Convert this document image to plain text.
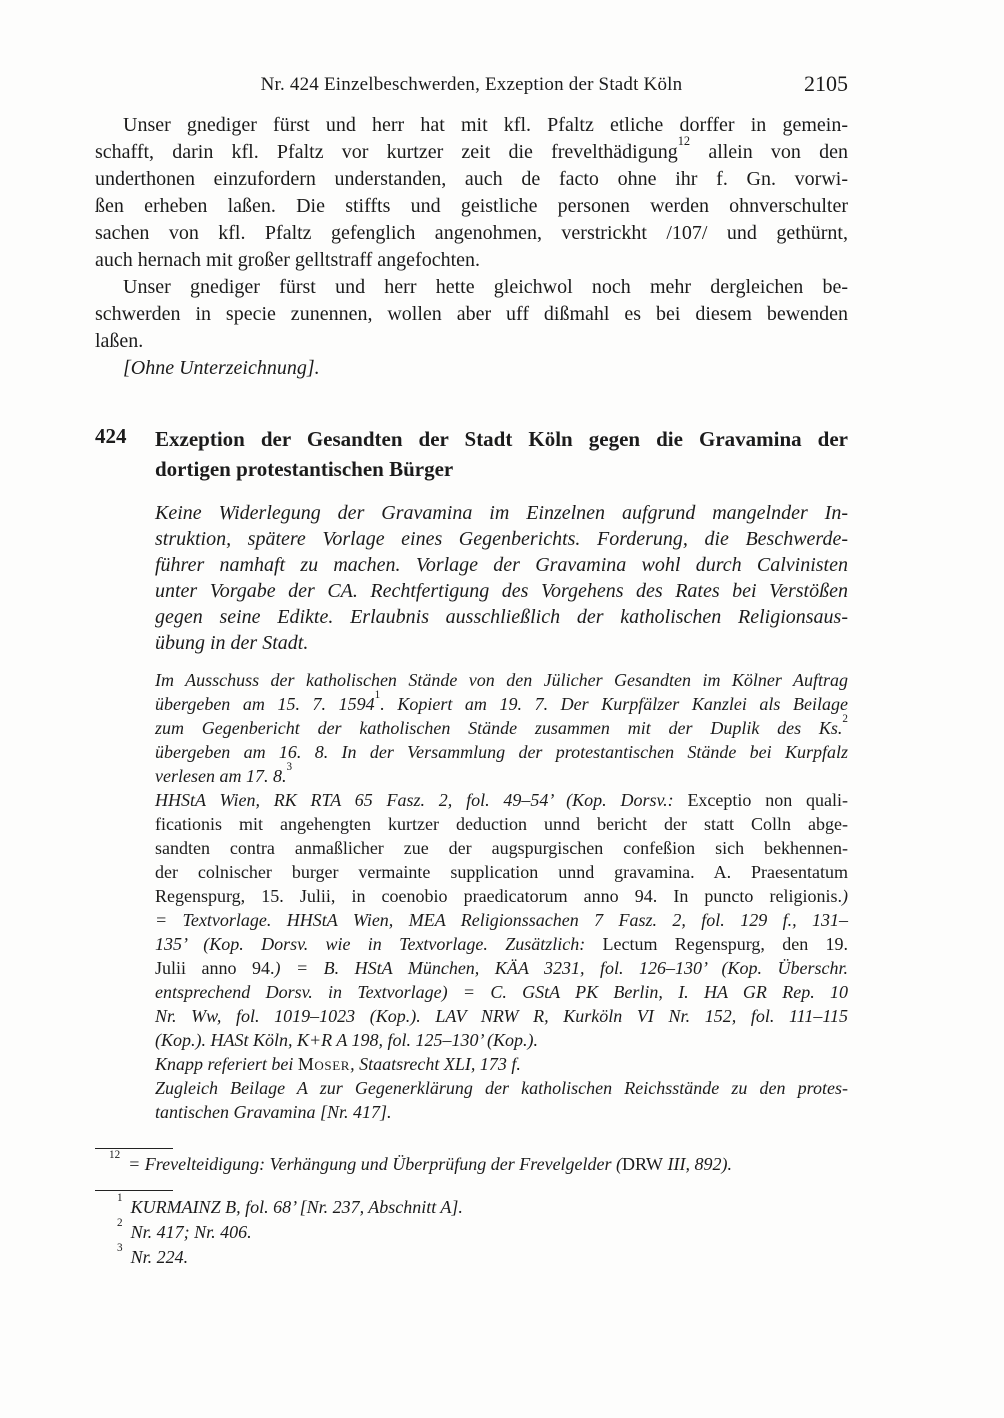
Nr. 424 Einzelbeschwerden, Exzeption der Stadt Köln	2105
Unser gnediger fürst und herr hat mit kfl. Pfaltz etliche dorffer in gemein-
schafft, darin kfl. Pfaltz vor kurtzer zeit die frevelthädigung$^{12}$ allein von den
underthonen einzufordern understanden, auch de facto ohne ihr f. Gn. vorwi-
ßen erheben laßen. Die stiffts und geistliche personen werden ohnverschulter
sachen von kfl. Pfaltz gefenglich angenohmen, verstrickht /107/ und gethürnt,
auch hernach mit großer gelltstraff angefochten.
Unser gnediger fürst und herr hette gleichwol noch mehr dergleichen be-
schwerden in specie zunennen, wollen aber uff dißmahl es bei diesem bewenden
laßen.
[Ohne Unterzeichnung].
424	Exzeption der Gesandten der Stadt Köln gegen die Gravamina der
dortigen protestantischen Bürger
Keine Widerlegung der Gravamina im Einzelnen aufgrund mangelnder In-
struktion, spätere Vorlage eines Gegenberichts. Forderung, die Beschwerde-
führer namhaft zu machen. Vorlage der Gravamina wohl durch Calvinisten
unter Vorgabe der CA. Rechtfertigung des Vorgehens des Rates bei Verstößen
gegen seine Edikte. Erlaubnis ausschließlich der katholischen Religionsaus-
übung in der Stadt.
Im Ausschuss der katholischen Stände von den Jülicher Gesandten im Kölner Auftrag
übergeben am 15. 7. 1594$^1$. Kopiert am 19. 7. Der Kurpfälzer Kanzlei als Beilage
zum Gegenbericht der katholischen Stände zusammen mit der Duplik des Ks.$^2$
übergeben am 16. 8. In der Versammlung der protestantischen Stände bei Kurpfalz
verlesen am 17. 8.$^3$
HHStA Wien, RK RTA 65 Fasz. 2, fol. 49–54’ (Kop. Dorsv.: Exceptio non quali-
ficationis mit angehengten kurtzer deduction unnd bericht der statt Colln abge-
sandten contra anmaßlicher zue der augspurgischen confeßion sich bekhennen-
der colnischer burger vermainte supplication unnd gravamina. A. Praesentatum
Regenspurg, 15. Julii, in coenobio praedicatorum anno 94. In puncto religionis.)
= Textvorlage. HHStA Wien, MEA Religionssachen 7 Fasz. 2, fol. 129 f., 131–
135’ (Kop. Dorsv. wie in Textvorlage. Zusätzlich: Lectum Regenspurg, den 19.
Julii anno 94.) = B. HStA München, KÄA 3231, fol. 126–130’ (Kop. Überschr.
entsprechend Dorsv. in Textvorlage) = C. GStA PK Berlin, I. HA GR Rep. 10
Nr. Ww, fol. 1019–1023 (Kop.). LAV NRW R, Kurköln VI Nr. 152, fol. 111–115
(Kop.). HASt Köln, K+R A 198, fol. 125–130’ (Kop.).
Knapp referiert bei Moser, Staatsrecht XLI, 173 f.
Zugleich Beilage A zur Gegenerklärung der katholischen Reichsstände zu den protes-
tantischen Gravamina [Nr. 417].
$^{12}$ = Frevelteidigung: Verhängung und Überprüfung der Frevelgelder (DRW III, 892).
$^1$ KURMAINZ B, fol. 68’ [Nr. 237, Abschnitt A].
$^2$ Nr. 417; Nr. 406.
$^3$ Nr. 224.
